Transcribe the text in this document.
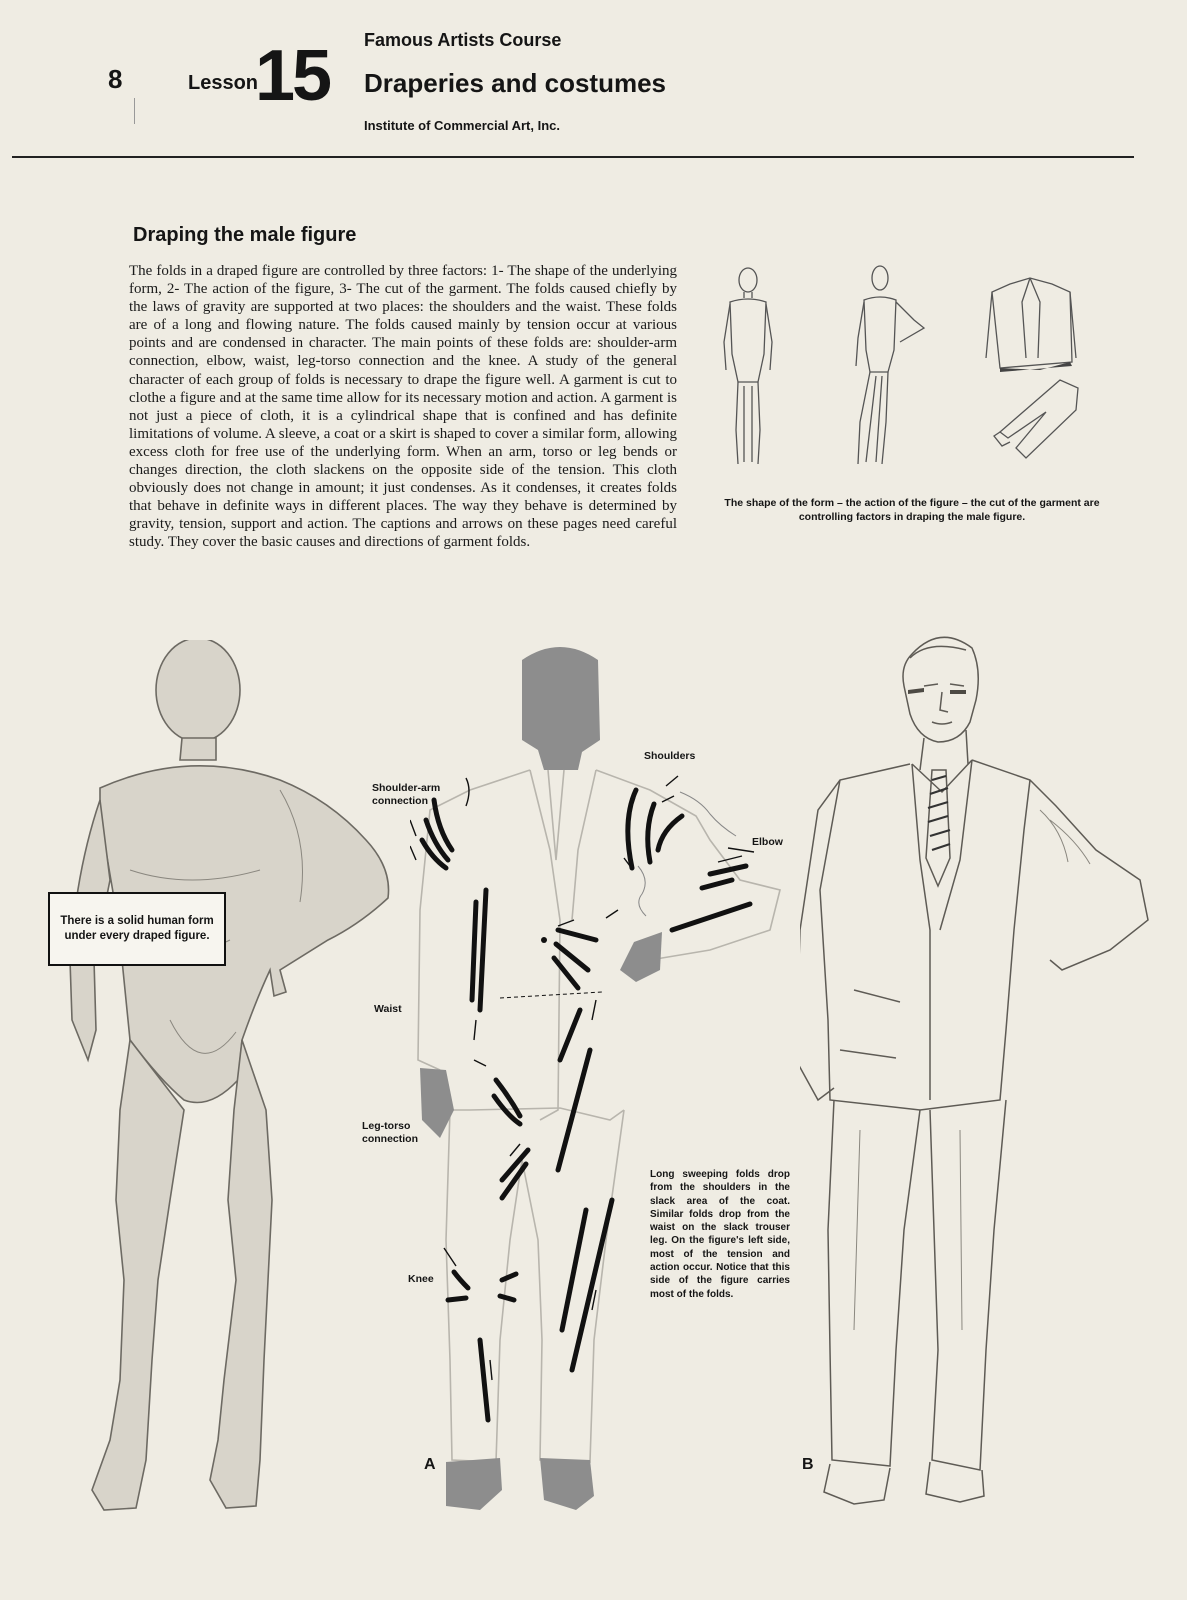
8	Lesson
15 Famous Artists Course
Draperies and costumes
Institute of Commercial Art, Inc.
Draping the male figure
The folds in a draped figure are controlled by three factors: 1- The shape of the underlying form, 2- The action of the figure, 3- The cut of the garment. The folds caused chiefly by the laws of gravity are supported at two places: the shoulders and the waist. These folds are of a long and flowing nature. The folds caused mainly by tension occur at various points and are condensed in character. The main points of these folds are: shoulder-arm connection, elbow, waist, leg-torso connection and the knee. A study of the general character of each group of folds is necessary to drape the figure well. A garment is cut to clothe a figure and at the same time allow for its necessary motion and action. A garment is not just a piece of cloth, it is a cylindrical shape that is confined and has definite limitations of volume. A sleeve, a coat or a skirt is shaped to cover a similar form, allowing excess cloth for free use of the underlying form. When an arm, torso or leg bends or changes direction, the cloth slackens on the opposite side of the tension. This cloth obviously does not change in amount; it just condenses. As it condenses, it creates folds that behave in definite ways in different places. The way they behave is determined by gravity, tension, support and action. The captions and arrows on these pages need careful study. They cover the basic causes and directions of garment folds.
The shape of the form – the action of the figure – the cut of the garment are controlling factors in draping the male figure.
There is a solid human form under every draped figure.
Shoulder-arm connection
Shoulders
Elbow
Waist
Leg-torso connection
Knee
Long sweeping folds drop from the shoulders in the slack area of the coat. Similar folds drop from the waist on the slack trouser leg. On the figure's left side, most of the tension and action occur. Notice that this side of the figure carries most of the folds.
A	B
